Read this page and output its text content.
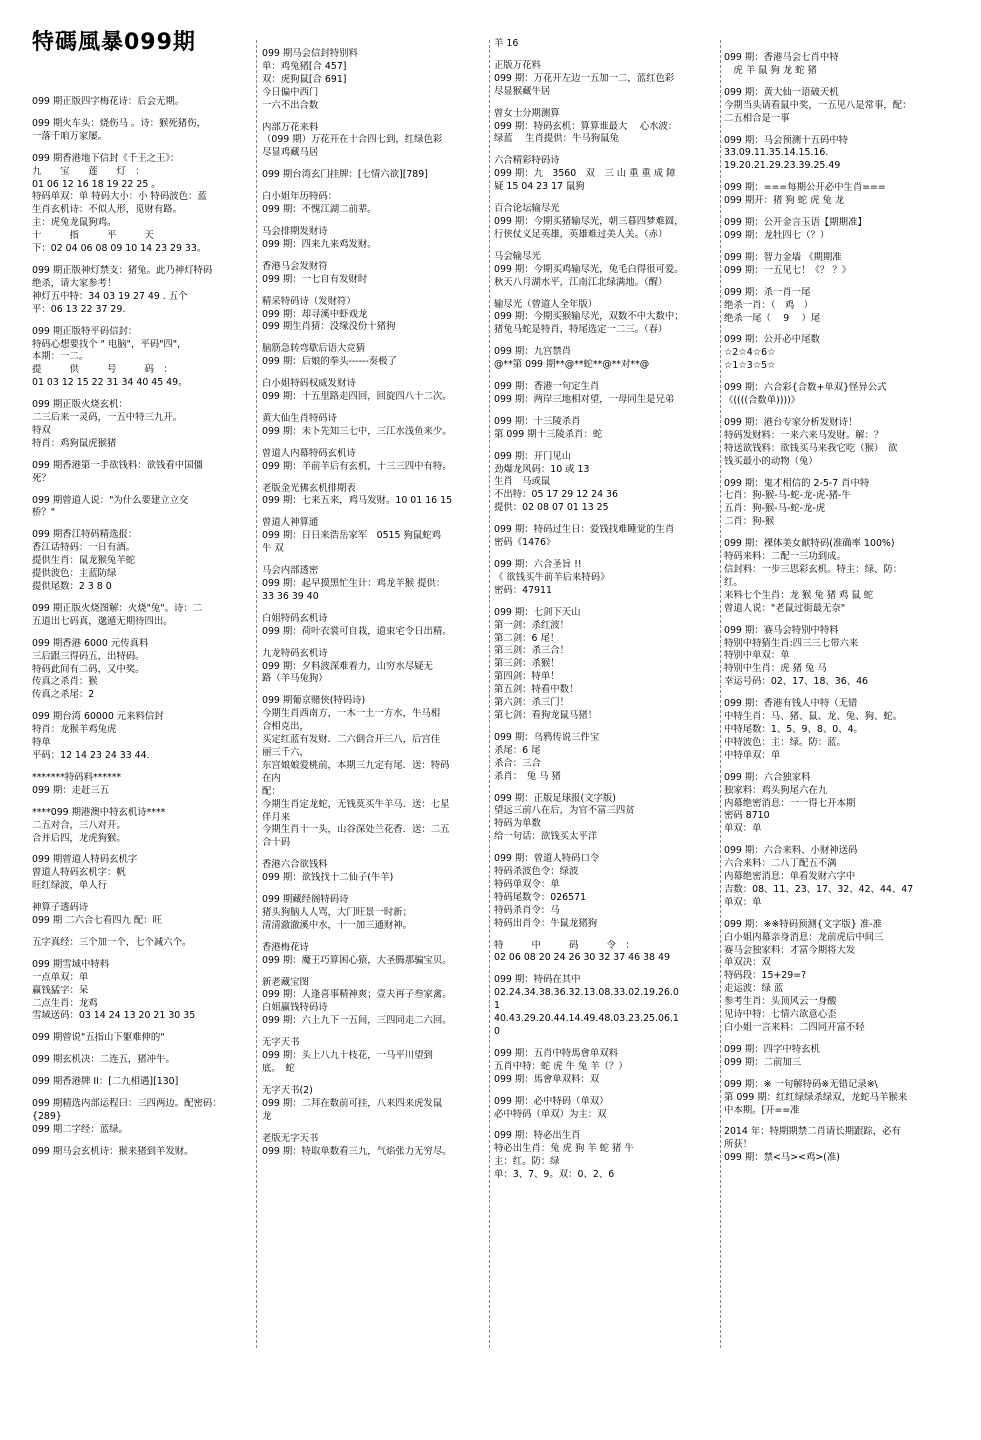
特碼風暴099期
099 期正版四字梅花诗：后会无期。
099 期火车头：烧伤马 。诗：猴死猪伤，
一落千咱万家屡。
099 期香港地下信封《千王之王》：
九　　宝　　莲　　灯　：
01 06 12 16 18 19 22 25 。
特码单双：单 特码大小：小 特码波色：蓝
生肖玄机诗：不似人形，觅财有路。
主：虎兔龙鼠狗鸡。
十　　　指　　　平　　　天
下：02 04 06 08 09 10 14 23 29 33。
099 期正版神灯禁支：猪兔。此乃神灯特码
绝杀，请大家参考！
神灯五中特：34 03 19 27 49 . 五个
平：06 13 22 37 29.
099 期正版特平码信封：
特码心想要找个 " 电脑"，平码"四"，
本期：一二。
提　　　供　　　号　　　码　：
01 03 12 15 22 31 34 40 45 49。
099 期正版火烧玄机：
二三后来一灵码，一五中特三九开。
特双
特肖：鸡狗鼠虎猴猪
099 期香港第一手欲钱料：欲钱看中国僵
死？
099 期曾道人说："为什么要建立立交
桥？"
099 期香江特码精选报：
香江话特码：一日有酒。
提供生肖：鼠龙猴兔羊蛇
提供波色：主蓝防绿
提供尾数：2 3 8 0
099 期正版火烧图解：火烧"兔"。诗：二
五道出七码真，邈遁无期待四出。
099 期香港 6000 元传真料
三后跟三得码五，出特码。
特码此间有二码，又中奖。
传真之杀肖：猴
传真之杀尾：2
099 期台湾 60000 元来料信封
特肖：龙猴羊鸡兔虎
特单
平码：12 14 23 24 33 44.
*******特码料******
099 期：走赶三五
****099 期港澳中特玄机诗****
二五对合，三八对开。
合并后四，龙虎狗猴。
099 期曾道人特码玄机字
曾道人特码玄机字：帆
旺红绿波，单人行
神算子透码诗
099 期 二六合七看四九 配：旺
五字真经：三个加一个，七个减六个。
099 期雪域中特料
一点单双：单
赢钱猛字：呆
二点生肖：龙鸡
雪域送码：03 14 24 13 20 21 30 35
099 期曾说"五指山下躯难伸的"
099 期玄机决：二连五，猪冲牛。
099 期香港牌 II：[二九相遇][130]
099 期精选内部运程曰：三四两边。配密码：
{289}
099 期二字经：蓝绿。
099 期马会玄机诗：猴来猪到羊发财。
099 期马会信封特别料
单：鸡兔猪[合 457]
双：虎狗鼠[合 691]
今日偏中西门
一六不出合数
内部万花来料
（099 期）万花开在十合四七到，红绿色彩
尽显鸡藏马居
099 期台湾玄门挂牌：[七情六欲][789]
白小姐年历特码：
099 期：不愧江湖二前辈。
马会排期发财诗
099 期：四来九来鸡发财。
香港马会发财符
099 期：一七自有发财时
精采特码诗（发财符）
099 期：却寻溪中虾戏龙
099 期生肖猜：没缘没份十猪狗
脑筋急转弯歇后语大竞猜
099 期：后娘的拳头------奏极了
白小姐特码权威发财诗
099 期：十五里路走四回，回旋四八十二次。
黄大仙生肖特码诗
099 期：未卜先知三七中，三江水浅鱼来少。
曾道人内幕特码玄机诗
099 期：羊前羊后有玄机，十三三四中有特。
老版金光佛玄机排期表
099 期：七来五来，鸡马发财。10 01 16 15
曾道人神算通
099 期：日日来浩岳家军　0515 狗鼠蛇鸡
牛 双
马会内部透密
099 期：起早摸黑忙生计：鸡龙羊猴 提供：
33 36 39 40
白姐特码玄机诗
099 期：荷叶衣裳可自栽，道束宅令日出精。
九龙特码玄机诗
099 期：夕料波深难着力，山穷水尽疑无
路（羊马兔狗）
099 期葡京赌侠(特码诗)
今期生肖西南方，一木一土一方水，牛马相
合相克出，
买定红蓝有发财．二六倒合开三八，后宫佳
丽三千六，
东宫娘娘爱桃前，本期三九定有尾．送：特码
在内
配：
今期生肖定龙蛇，无钱莫买牛羊马．送：七星
伴月来
今期生肖十一头，山谷深处兰花香．送：二五
合十码
香港六合欲钱料
099 期：欲钱找十二仙子(牛羊)
099 期藏经阁特码诗
猪头狗脑人人骂，大门旺景一时新；
清清澈澈溪中水，十一加三通财神。
香港梅花诗
099 期：魔王巧算困心猿，大圣腾那骗宝贝。
新老藏宝图
099 期：人逢喜事精神爽；壹夫再子叁家禽。
白姐赢钱特码诗
099 期：六上九下一五间，三四同走二六回。
无字天书
099 期：头上八九十枝花，一马平川望到
底。　蛇
无字天书(2)
099 期：二拜在数前可挂，八来四来虎发鼠
龙
老版无字天书
099 期：特取单数看三九，气焰张力无穷尽。
羊 16
正版万花料
099 期：万花开左边一五加一二，蓝红色彩
尽显猴藏牛居
曾女士分期测算
099 期：特码玄机：算算谁最大　 心水波：
绿蓝　 生肖提供：牛马狗鼠兔
六合精彩特码诗
099 期：九　3560　双　三 山 重 重 成 障
疑 15 04 23 17 鼠狗
百合论坛输尽光
099 期：今期买猪输尽光，朝三暮四梦难圆，
行侠仗义足英雄，英雄难过美人关。（赤）
马会输尽光
099 期：今期买鸡输尽光，兔毛白得很可爱。
秋天八月湖水平，江南江北绿满地。（醒）
输尽光（曾道人全年版）
099 期：今期买猴输尽光，双数不中大数中；
猪兔马蛇是特肖，特尾选定一二三。（春）
099 期：九宫禁肖
@**第 099 期**@**蛇**@**对**@
099 期：香港一句定生肖
099 期：两岸三地相对望，一母同生是兄弟
099 期：十三陵杀肖
第 099 期十三陵杀肖：蛇
099 期：开门见山
劲爆龙风码：10 或 13
生肖　马或鼠
不出特：05 17 29 12 24 36
提供：02 08 07 01 13 25
099 期：特码过生日：爱钱找难睡觉的生肖
密码《1476》
099 期：六合圣旨 !!
《 欲钱买牛前羊后来特码》
密码：47911
099 期：七剑下天山
第一剑：杀红波！
第二剑：6 尾！
第三剑：杀三合！
第三剑：杀猴！
第四剑：特单！
第五剑：特看中数！
第六剑：杀三门！
第七剑：看狗龙鼠马猪！
099 期：乌鸦传说三件宝
杀尾：6 尾
杀合：三合
杀肖：　兔 马 猪
099 期：正版足球报(文字版)
望远三前八在后，为官不富三四贫
特码为单数
给一句话：欲钱买太平洋
099 期：曾道人特码口令
特码杀波色令：绿波
特码单双令：单
特码尾数令：026571
特码杀肖令：马
特码出肖令：牛鼠龙猪狗
特　　　中　　　码　　　令　：
02 06 08 20 24 26 30 32 37 46 38 49
099 期：特码在其中
02.24.34.38.36.32.13.08.33.02.19.26.0
1
40.43.29.20.44.14.49.48.03.23.25.06.1
0
099 期：五肖中特馬會单双料
五肖中特：蛇 虎 牛 兔 羊（？）
099 期：馬會单双料：双
099 期：必中特码（单双）
必中特码（单双）为主：双
099 期：特必出生肖
特必出生肖：兔 虎 狗 羊 蛇 猪 牛
主：红。防：绿
单：3、7、9。双：0、2、6
099 期：香港马会七肖中特
　虎 羊 鼠 狗 龙 蛇 猪
099 期：黄大仙一语破天机
今期当头请看鼠中奖，一五见八是常事，配：
二五相合是一事
099 期：马会预测十五码中特
33.09.11.35.14.15.16.
19.20.21.29.23.39.25.49
099 期：===每期公开必中生肖===
099 期开：猪 狗 蛇 虎 兔 龙
099 期：公开金言玉语【期期准】
099 期：龙牡四七（？）
099 期：智力金墙 《期期准
099 期：一五见七！《？ ？》
099 期：杀一肖一尾
绝杀一肖：（　鸡　）
绝杀一尾（　 9　 ）尾
099 期：公开必中尾数
☆2☆4☆6☆
☆1☆3☆5☆
099 期：六合彩{合数+单双}怪异公式
《((((合数单))))》
099 期：港台专家分析发财诗！
特码发财料：一来六来马发财。解：？
特送欲钱料：欲钱买马来我它吃（猴）　欲
钱买最小的动物（兔）
099 期：鬼才相信的 2-5-7 肖中特
七肖：狗-猴-马-蛇-龙-虎-猪-牛
五肖：狗-猴-马-蛇-龙-虎
二肖：狗-猴
099 期：裸体美女献特码(准确率 100%)
特码来料：二配一三功到成。
信封料：一步三思彩玄机。特主：绿、防：
红。
来料七个生肖：龙 猴 兔 猪 鸡 鼠 蛇
曾道人说："老鼠过街最无奈"
099 期：赛马会特别中特料
特别中特猜生肖:四三三七带六来
特别中单双：单
特别中生肖：虎 猪 兔 马
幸运号码：02、17、18、36、46
099 期：香港有钱人中特（无错
中特生肖：马、猪、鼠、龙、兔、狗、蛇。
中特尾数：1、5、9、8、0、4。
中特波色：主：绿。防：蓝。
中特单双：单
099 期：六合独家料
独家料：鸡头狗尾六在九
内幕绝密消息：一一得七开本期
密码 8710
单双：单
099 期：六合来料、小财神送码
六合来料：二八丁配五不满
内幕绝密消息：单看发财六字中
吉数：08、11、23、17、32、42、44、47
单双：单
099 期：※※特码预测{文字版} 准-准
白小姐内幕亲身消息：龙前虎后中间三
赛马会独家料：才富今期将大发
单双决：双
特码段：15+29=?
走运波：绿 蓝
参考生肖：头顶风云一身酸
见诗中特：七情六欲意心歪
白小姐一言来料：二四同开富不轻
099 期：四字中特玄机
099 期：二前加三
099 期：※ 一句解特码※无错记录※\
第 099 期：红红绿绿杀绿双，龙蛇马羊猴来
中本期。[开==准
2014 年：特期期禁二肖请长期跟踪，必有
所获！
099 期：禁<马><鸡>(准)
